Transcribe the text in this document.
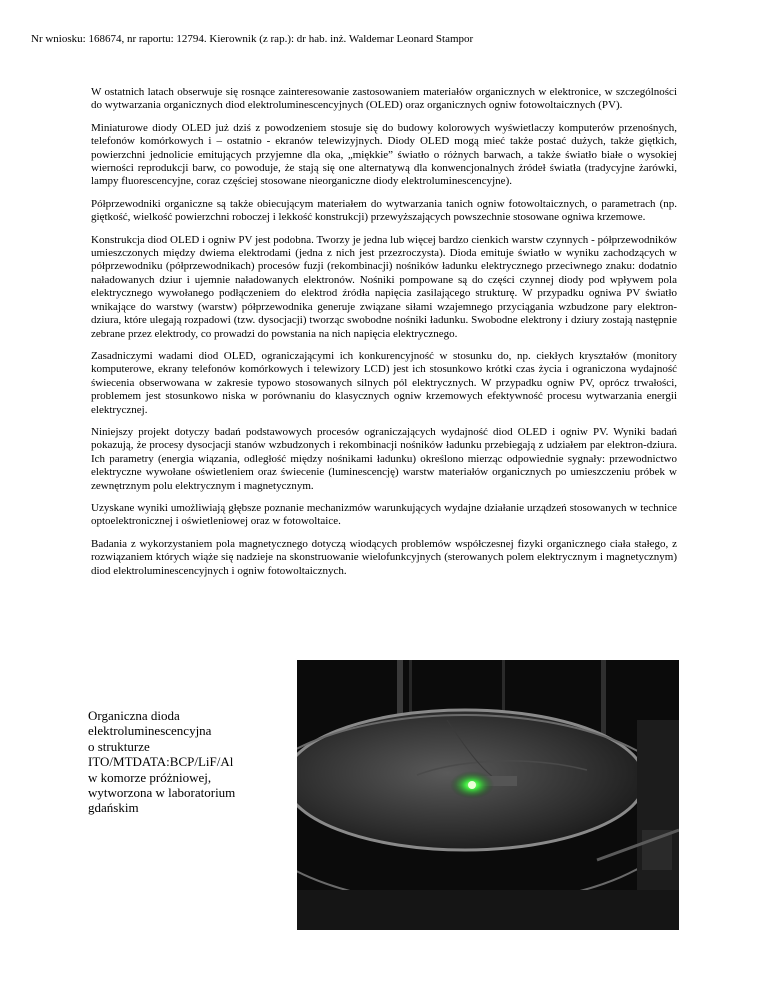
Nr wniosku: 168674, nr raportu: 12794. Kierownik (z rap.): dr hab. inż. Waldemar Leonard Stampor

W ostatnich latach obserwuje się rosnące zainteresowanie zastosowaniem materiałów organicznych w elektronice, w szczególności do wytwarzania organicznych diod elektroluminescencyjnych (OLED) oraz organicznych ogniw fotowoltaicznych (PV).

Miniaturowe diody OLED już dziś z powodzeniem stosuje się do budowy kolorowych wyświetlaczy komputerów przenośnych, telefonów komórkowych i – ostatnio - ekranów telewizyjnych. Diody OLED mogą mieć także postać dużych, także giętkich, powierzchni jednolicie emitujących przyjemne dla oka, „miękkie” światło o różnych barwach, a także światło białe o wysokiej wierności reprodukcji barw, co powoduje, że stają się one alternatywą dla konwencjonalnych źródeł światła (tradycyjne żarówki, lampy fluorescencyjne, coraz częściej stosowane nieorganiczne diody elektroluminescencyjne).

Półprzewodniki organiczne są także obiecującym materiałem do wytwarzania tanich ogniw fotowoltaicznych, o parametrach (np. giętkość, wielkość powierzchni roboczej i lekkość konstrukcji) przewyższających powszechnie stosowane ogniwa krzemowe.

Konstrukcja diod OLED i ogniw PV jest podobna. Tworzy je jedna lub więcej bardzo cienkich warstw czynnych - półprzewodników umieszczonych między dwiema elektrodami (jedna z nich jest przezroczysta). Dioda emituje światło w wyniku zachodzących w półprzewodniku (półprzewodnikach) procesów fuzji (rekombinacji) nośników ładunku elektrycznego przeciwnego znaku: dodatnio naładowanych dziur i ujemnie naładowanych elektronów. Nośniki pompowane są do części czynnej diody pod wpływem pola elektrycznego wywołanego podłączeniem do elektrod źródła napięcia zasilającego strukturę. W przypadku ogniwa PV światło wnikające do warstwy (warstw) półprzewodnika generuje związane siłami wzajemnego przyciągania wzbudzone pary elektron-dziura, które ulegają rozpadowi (tzw. dysocjacji) tworząc swobodne nośniki ładunku. Swobodne elektrony i dziury zostają następnie zebrane przez elektrody, co prowadzi do powstania na nich napięcia elektrycznego.

Zasadniczymi wadami diod OLED, ograniczającymi ich konkurencyjność w stosunku do, np. ciekłych kryształów (monitory komputerowe, ekrany telefonów komórkowych i telewizory LCD) jest ich stosunkowo krótki czas życia i ograniczona wydajność świecenia obserwowana w zakresie typowo stosowanych silnych pól elektrycznych. W przypadku ogniw PV, oprócz trwałości, problemem jest stosunkowo niska w porównaniu do klasycznych ogniw krzemowych efektywność procesu wytwarzania energii elektrycznej.

Niniejszy projekt dotyczy badań podstawowych procesów ograniczających wydajność diod OLED i ogniw PV. Wyniki badań pokazują, że procesy dysocjacji stanów wzbudzonych i rekombinacji nośników ładunku przebiegają z udziałem par elektron-dziura. Ich parametry (energia wiązania, odległość między nośnikami ładunku) określono mierząc odpowiednie sygnały: przewodnictwo elektryczne wywołane oświetleniem oraz świecenie (luminescencję) warstw materiałów organicznych po umieszczeniu próbek w zewnętrznym polu elektrycznym i magnetycznym.

Uzyskane wyniki umożliwiają głębsze poznanie mechanizmów warunkujących wydajne działanie urządzeń stosowanych w technice optoelektronicznej i oświetleniowej oraz w fotowoltaice.

Badania z wykorzystaniem pola magnetycznego dotyczą wiodących problemów współczesnej fizyki organicznego ciała stałego, z rozwiązaniem których wiąże się nadzieje na skonstruowanie wielofunkcyjnych (sterowanych polem elektrycznym i magnetycznym) diod elektroluminescencyjnych i ogniw fotowoltaicznych.

Organiczna dioda
elektroluminescencyjna
o strukturze
ITO/MTDATA:BCP/LiF/Al
w komorze próżniowej,
wytworzona w laboratorium
gdańskim
